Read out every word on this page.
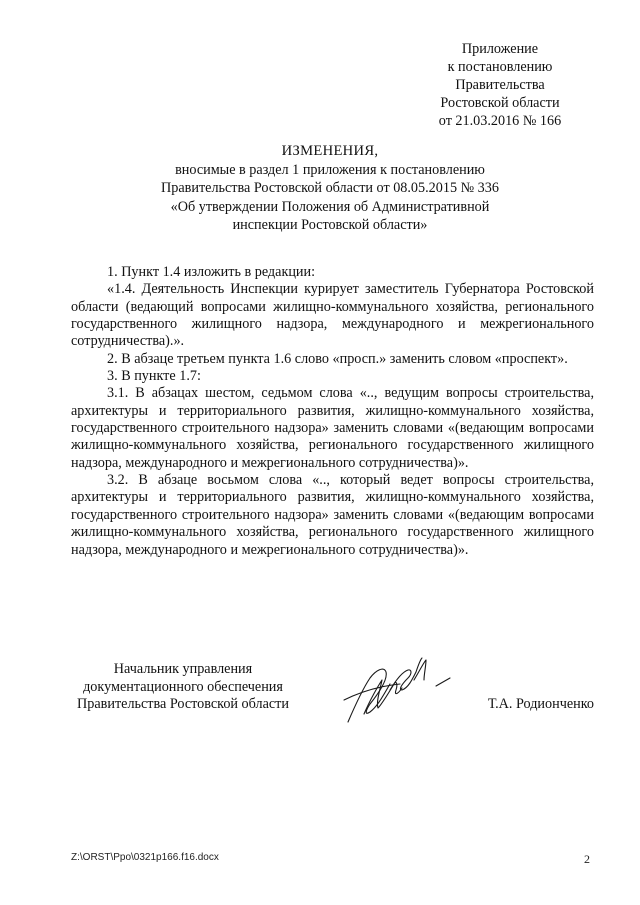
Приложение
к постановлению
Правительства
Ростовской области
от 21.03.2016 № 166
ИЗМЕНЕНИЯ,
вносимые в раздел 1 приложения к постановлению
Правительства Ростовской области от 08.05.2015 № 336
«Об утверждении Положения об Административной
инспекции Ростовской области»

1. Пункт 1.4 изложить в редакции:

«1.4. Деятельность Инспекции курирует заместитель Губернатора Ростовской области (ведающий вопросами жилищно-коммунального хозяйства, регионального государственного жилищного надзора, международного и межрегионального сотрудничества).».

2. В абзаце третьем пункта 1.6 слово «просп.» заменить словом «проспект».

3. В пункте 1.7:

3.1. В абзацах шестом, седьмом слова «.., ведущим вопросы строительства, архитектуры и территориального развития, жилищно-коммунального хозяйства, государственного строительного надзора» заменить словами «(ведающим вопросами жилищно-коммунального хозяйства, регионального государственного жилищного надзора, международного и межрегионального сотрудничества)».

3.2. В абзаце восьмом слова «.., который ведет вопросы строительства, архитектуры и территориального развития, жилищно-коммунального хозяйства, государственного строительного надзора» заменить словами «(ведающим вопросами жилищно-коммунального хозяйства, регионального государственного жилищного надзора, международного и межрегионального сотрудничества)».

Начальник управления
документационного обеспечения
Правительства Ростовской области	Т.А. Родионченко
Z:\ORST\Ppo\0321p166.f16.docx	2
